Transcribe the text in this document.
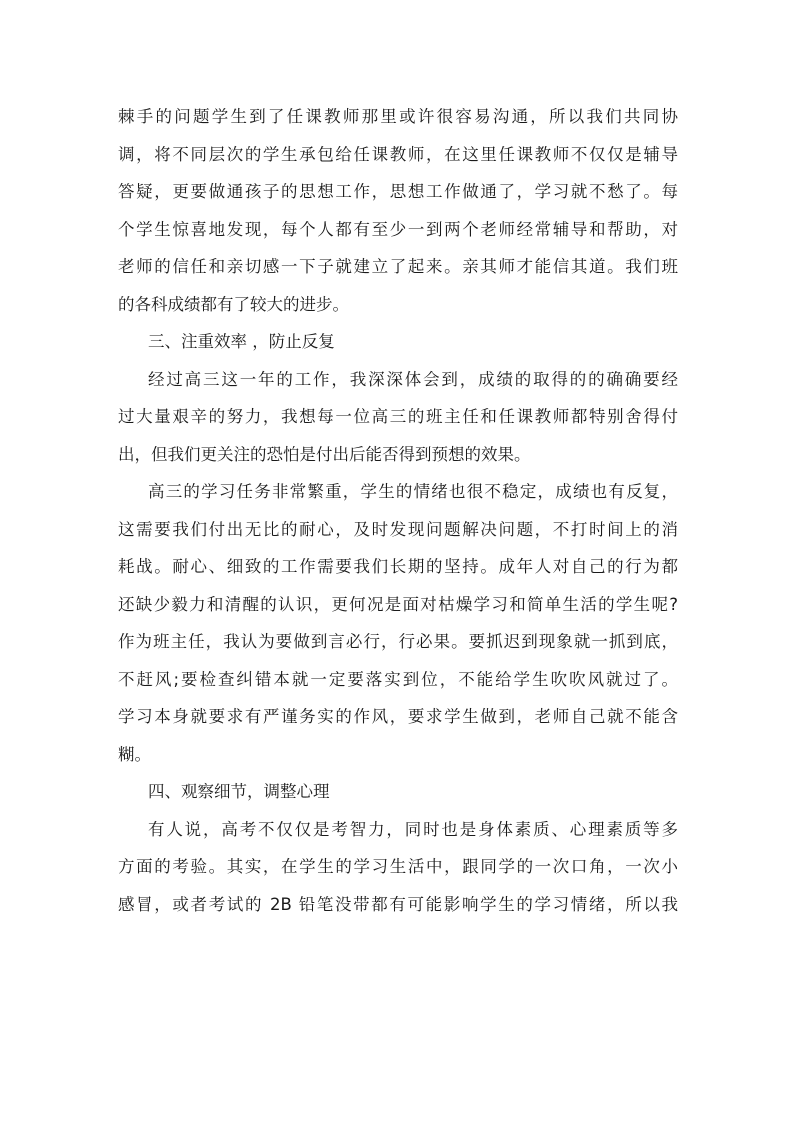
棘手的问题学生到了任课教师那里或许很容易沟通，所以我们共同协
调，将不同层次的学生承包给任课教师，在这里任课教师不仅仅是辅导
答疑，更要做通孩子的思想工作，思想工作做通了，学习就不愁了。每
个学生惊喜地发现，每个人都有至少一到两个老师经常辅导和帮助，对
老师的信任和亲切感一下子就建立了起来。亲其师才能信其道。我们班
的各科成绩都有了较大的进步。
三、注重效率 ，防止反复
经过高三这一年的工作，我深深体会到，成绩的取得的的确确要经
过大量艰辛的努力，我想每一位高三的班主任和任课教师都特别舍得付
出，但我们更关注的恐怕是付出后能否得到预想的效果。
高三的学习任务非常繁重，学生的情绪也很不稳定，成绩也有反复，
这需要我们付出无比的耐心，及时发现问题解决问题，不打时间上的消
耗战。耐心、细致的工作需要我们长期的坚持。成年人对自己的行为都
还缺少毅力和清醒的认识，更何况是面对枯燥学习和简单生活的学生呢?
作为班主任，我认为要做到言必行，行必果。要抓迟到现象就一抓到底，
不赶风;要检查纠错本就一定要落实到位，不能给学生吹吹风就过了。
学习本身就要求有严谨务实的作风，要求学生做到，老师自己就不能含
糊。
四、观察细节，调整心理
有人说，高考不仅仅是考智力，同时也是身体素质、心理素质等多
方面的考验。其实，在学生的学习生活中，跟同学的一次口角，一次小
感冒，或者考试的 2B 铅笔没带都有可能影响学生的学习情绪，所以我
